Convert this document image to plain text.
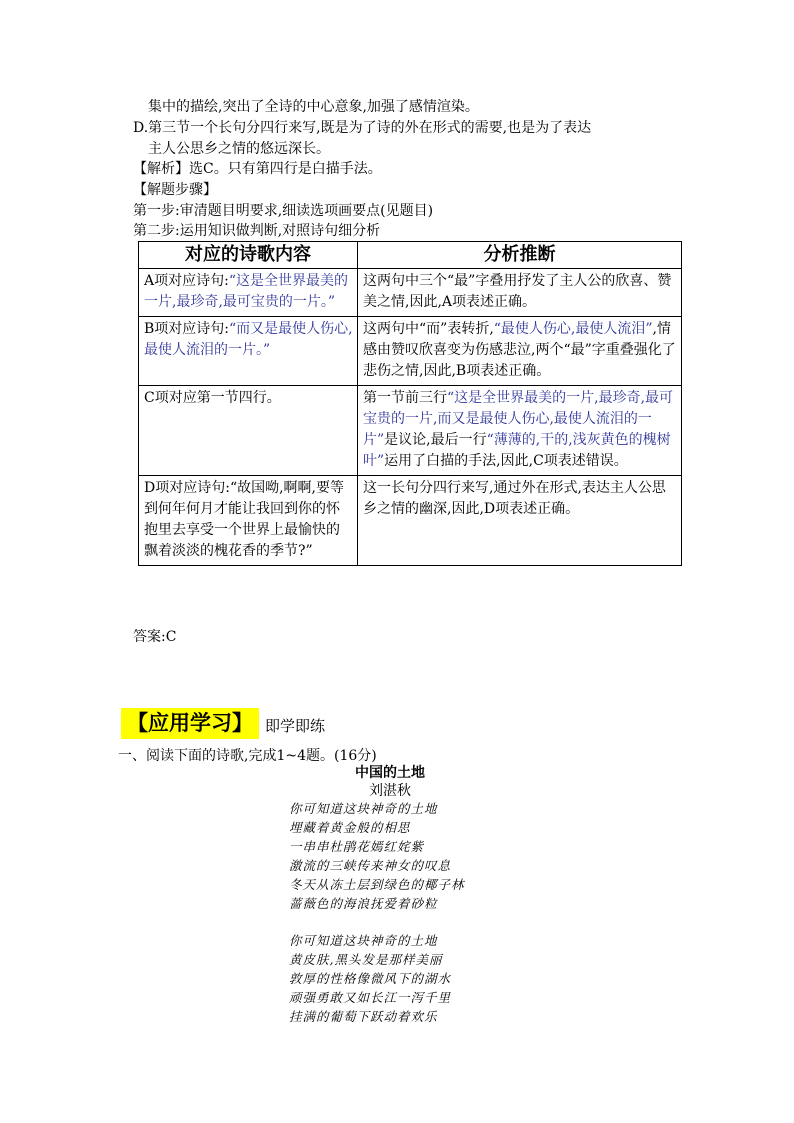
集中的描绘,突出了全诗的中心意象,加强了感情渲染。
D.第三节一个长句分四行来写,既是为了诗的外在形式的需要,也是为了表达
主人公思乡之情的悠远深长。
【解析】选C。只有第四行是白描手法。
【解题步骤】
第一步:审清题目明要求,细读选项画要点(见题目)
第二步:运用知识做判断,对照诗句细分析
对应的诗歌内容	分析推断
A项对应诗句:“这是全世界最美的一片,最珍奇,最可宝贵的一片。”	这两句中三个“最”字叠用抒发了主人公的欣喜、赞美之情,因此,A项表述正确。
B项对应诗句:“而又是最使人伤心,最使人流泪的一片。”	这两句中“而”表转折,“最使人伤心,最使人流泪”,情感由赞叹欣喜变为伤感悲泣,两个“最”字重叠强化了悲伤之情,因此,B项表述正确。
C项对应第一节四行。	第一节前三行“这是全世界最美的一片,最珍奇,最可宝贵的一片,而又是最使人伤心,最使人流泪的一片”是议论,最后一行“薄薄的,干的,浅灰黄色的槐树叶”运用了白描的手法,因此,C项表述错误。
D项对应诗句:“故国呦,啊啊,要等到何年何月才能让我回到你的怀抱里去享受一个世界上最愉快的飘着淡淡的槐花香的季节?”	这一长句分四行来写,通过外在形式,表达主人公思乡之情的幽深,因此,D项表述正确。
答案:C
【应用学习】 即学即练
一、阅读下面的诗歌,完成1~4题。(16分)
中国的土地
刘湛秋
你可知道这块神奇的土地
埋藏着黄金般的相思
一串串杜鹃花嫣红姹紫
激流的三峡传来神女的叹息
冬天从冻土层到绿色的椰子林
蔷薇色的海浪抚爱着砂粒
你可知道这块神奇的土地
黄皮肤,黑头发是那样美丽
敦厚的性格像微风下的湖水
顽强勇敢又如长江一泻千里
挂满的葡萄下跃动着欢乐
